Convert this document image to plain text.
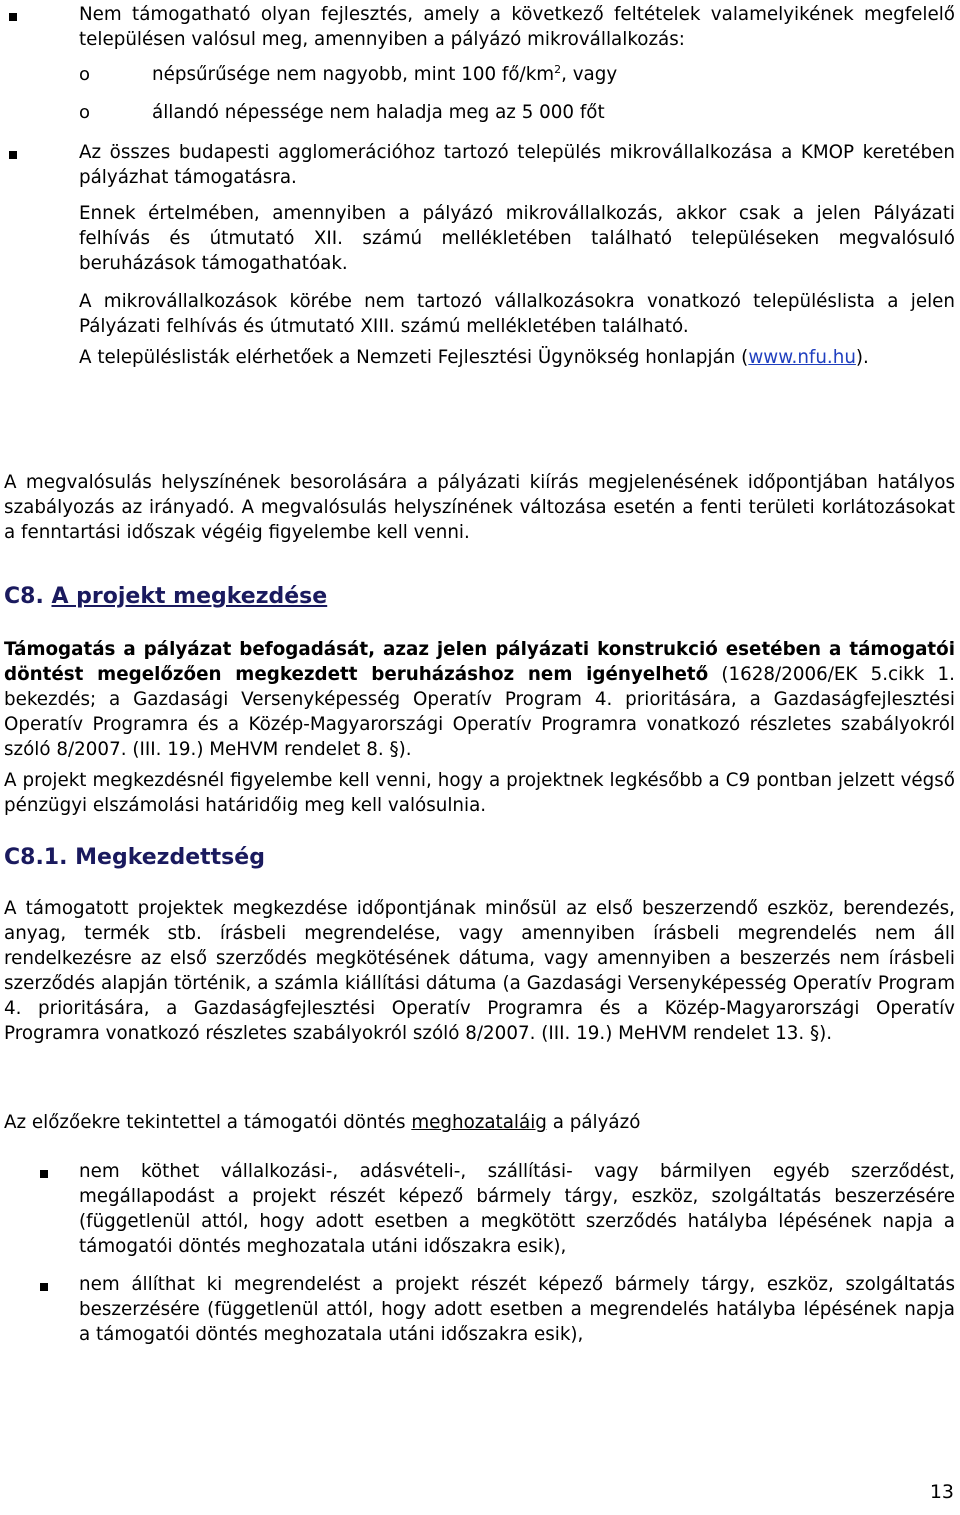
Nem támogatható olyan fejlesztés, amely a következő feltételek valamelyikének megfelelő településen valósul meg, amennyiben a pályázó mikrovállalkozás:
o	népsűrűsége nem nagyobb, mint 100 $fő/km^2$, vagy
o	állandó népessége nem haladja meg az 5 000 főt
Az összes budapesti agglomerációhoz tartozó település mikrovállalkozása a KMOP keretében pályázhat támogatásra.
Ennek értelmében, amennyiben a pályázó mikrovállalkozás, akkor csak a jelen Pályázati felhívás és útmutató XII. számú mellékletében található településeken megvalósuló beruházások támogathatóak.
A mikrovállalkozások körébe nem tartozó vállalkozásokra vonatkozó településlista a jelen Pályázati felhívás és útmutató XIII. számú mellékletében található.
A településlisták elérhetőek a Nemzeti Fejlesztési Ügynökség honlapján (www.nfu.hu).
A megvalósulás helyszínének besorolására a pályázati kiírás megjelenésének időpontjában hatályos szabályozás az irányadó. A megvalósulás helyszínének változása esetén a fenti területi korlátozásokat a fenntartási időszak végéig figyelembe kell venni.
C8. A projekt megkezdése
Támogatás a pályázat befogadását, azaz jelen pályázati konstrukció esetében a támogatói döntést megelőzően megkezdett beruházáshoz nem igényelhető (1628/2006/EK 5.cikk 1. bekezdés; a Gazdasági Versenyképesség Operatív Program 4. prioritására, a Gazdaságfejlesztési Operatív Programra és a Közép-Magyarországi Operatív Programra vonatkozó részletes szabályokról szóló 8/2007. (III. 19.) MeHVM rendelet 8. §).
A projekt megkezdésnél figyelembe kell venni, hogy a projektnek legkésőbb a C9 pontban jelzett végső pénzügyi elszámolási határidőig meg kell valósulnia.
C8.1. Megkezdettség
A támogatott projektek megkezdése időpontjának minősül az első beszerzendő eszköz, berendezés, anyag, termék stb. írásbeli megrendelése, vagy amennyiben írásbeli megrendelés nem áll rendelkezésre az első szerződés megkötésének dátuma, vagy amennyiben a beszerzés nem írásbeli szerződés alapján történik, a számla kiállítási dátuma (a Gazdasági Versenyképesség Operatív Program 4. prioritására, a Gazdaságfejlesztési Operatív Programra és a Közép-Magyarországi Operatív Programra vonatkozó részletes szabályokról szóló 8/2007. (III. 19.) MeHVM rendelet 13. §).
Az előzőekre tekintettel a támogatói döntés meghozataláig a pályázó
nem köthet vállalkozási-, adásvételi-, szállítási- vagy bármilyen egyéb szerződést, megállapodást a projekt részét képező bármely tárgy, eszköz, szolgáltatás beszerzésére (függetlenül attól, hogy adott esetben a megkötött szerződés hatályba lépésének napja a támogatói döntés meghozatala utáni időszakra esik),
nem állíthat ki megrendelést a projekt részét képező bármely tárgy, eszköz, szolgáltatás beszerzésére (függetlenül attól, hogy adott esetben a megrendelés hatályba lépésének napja a támogatói döntés meghozatala utáni időszakra esik),
13
